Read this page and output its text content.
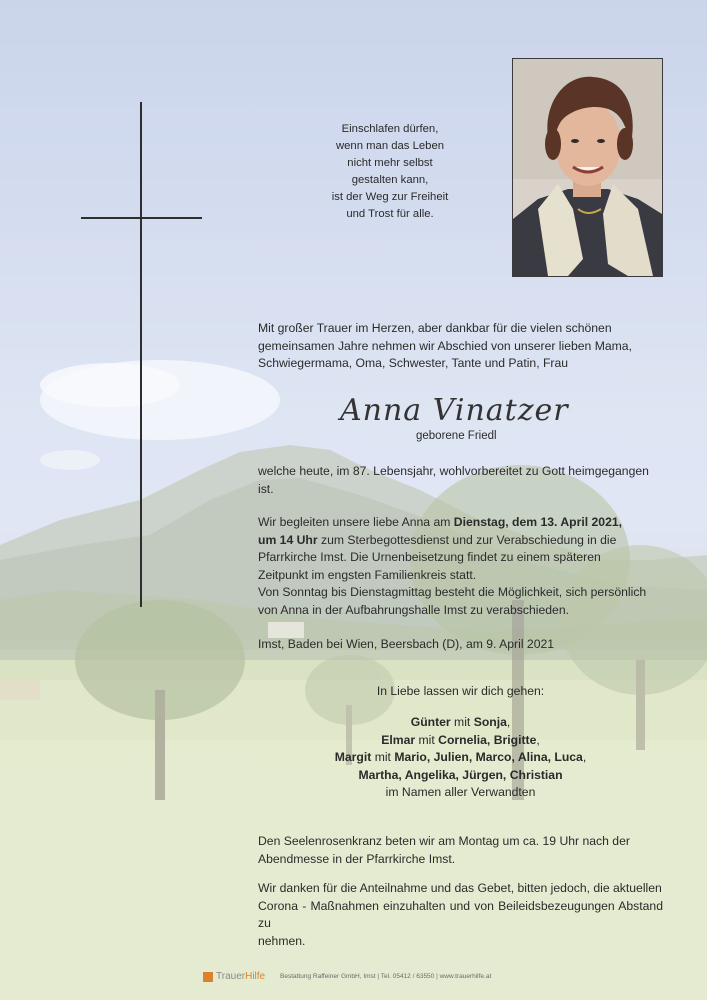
Einschlafen dürfen,
wenn man das Leben
nicht mehr selbst
gestalten kann,
ist der Weg zur Freiheit
und Trost für alle.
Mit großer Trauer im Herzen, aber dankbar für die vielen schönen
gemeinsamen Jahre nehmen wir Abschied von unserer lieben Mama,
Schwiegermama, Oma, Schwester, Tante und Patin, Frau
Anna Vinatzer
geborene Friedl
welche heute, im 87. Lebensjahr, wohlvorbereitet zu Gott heimgegangen
ist.
Wir begleiten unsere liebe Anna am Dienstag, dem 13. April 2021,
um 14 Uhr zum Sterbegottesdienst und zur Verabschiedung in die
Pfarrkirche Imst. Die Urnenbeisetzung findet zu einem späteren
Zeitpunkt im engsten Familienkreis statt.
Von Sonntag bis Dienstagmittag besteht die Möglichkeit, sich persönlich
von Anna in der Aufbahrungshalle Imst zu verabschieden.
Imst, Baden bei Wien, Beersbach (D), am 9. April 2021
In Liebe lassen wir dich gehen:
Günter mit Sonja,
Elmar mit Cornelia, Brigitte,
Margit mit Mario, Julien, Marco, Alina, Luca,
Martha, Angelika, Jürgen, Christian
im Namen aller Verwandten
Den Seelenrosenkranz beten wir am Montag um ca. 19 Uhr nach der
Abendmesse in der Pfarrkirche Imst.
Wir danken für die Anteilnahme und das Gebet, bitten jedoch, die aktuellen
Corona - Maßnahmen einzuhalten und von Beileidsbezeugungen Abstand zu
nehmen.
TrauerHilfe Bestattung Raffeiner GmbH, Imst | Tel. 05412 / 63550 | www.trauerhilfe.at
